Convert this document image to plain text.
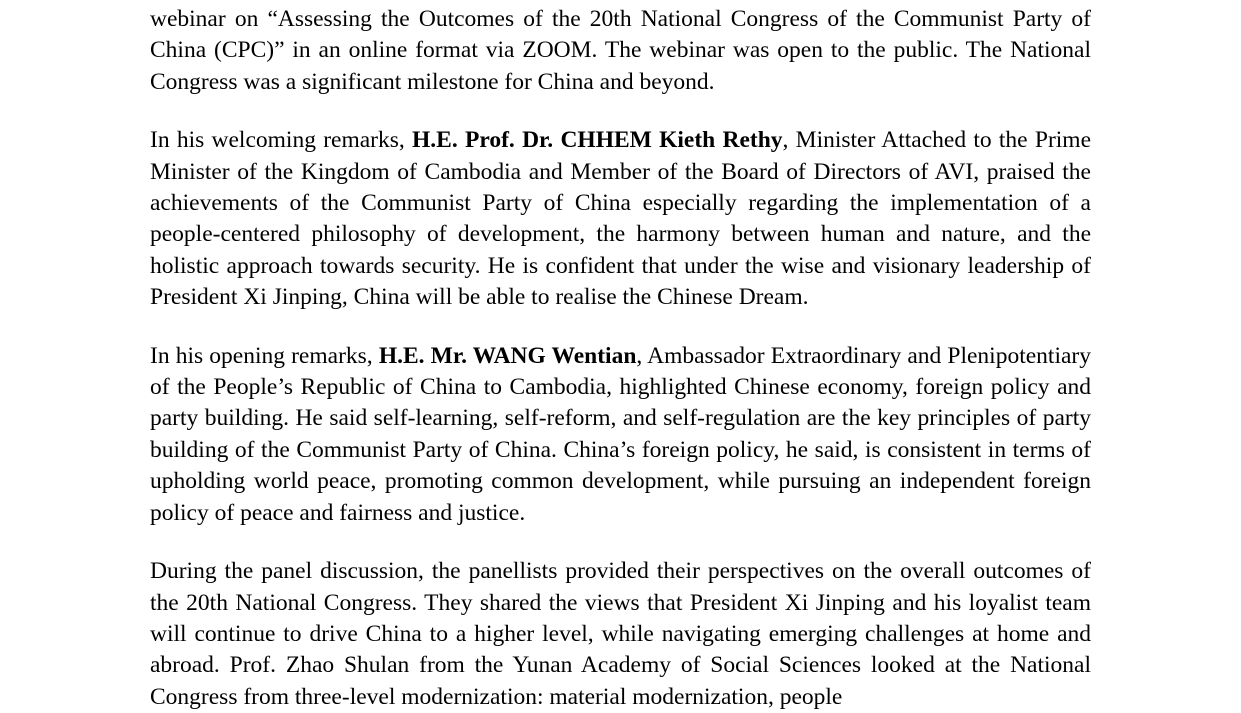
webinar on “Assessing the Outcomes of the 20th National Congress of the Communist Party of China (CPC)” in an online format via ZOOM. The webinar was open to the public. The National Congress was a significant milestone for China and beyond.

In his welcoming remarks, H.E. Prof. Dr. CHHEM Kieth Rethy, Minister Attached to the Prime Minister of the Kingdom of Cambodia and Member of the Board of Directors of AVI, praised the achievements of the Communist Party of China especially regarding the implementation of a people-centered philosophy of development, the harmony between human and nature, and the holistic approach towards security. He is confident that under the wise and visionary leadership of President Xi Jinping, China will be able to realise the Chinese Dream.

In his opening remarks, H.E. Mr. WANG Wentian, Ambassador Extraordinary and Plenipotentiary of the People’s Republic of China to Cambodia, highlighted Chinese economy, foreign policy and party building. He said self-learning, self-reform, and self-regulation are the key principles of party building of the Communist Party of China. China’s foreign policy, he said, is consistent in terms of upholding world peace, promoting common development, while pursuing an independent foreign policy of peace and fairness and justice.

During the panel discussion, the panellists provided their perspectives on the overall outcomes of the 20th National Congress. They shared the views that President Xi Jinping and his loyalist team will continue to drive China to a higher level, while navigating emerging challenges at home and abroad. Prof. Zhao Shulan from the Yunan Academy of Social Sciences looked at the National Congress from three-level modernization: material modernization, people
